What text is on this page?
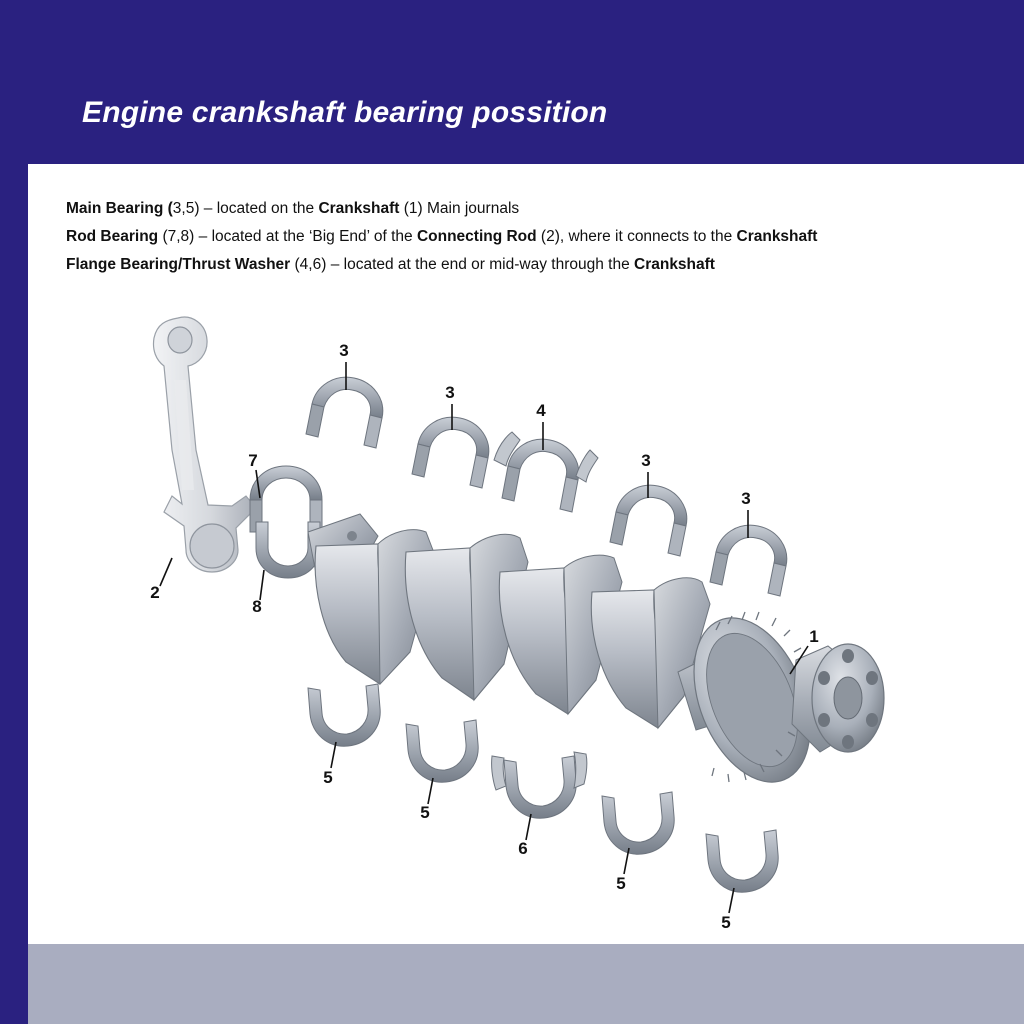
Engine crankshaft bearing possition

Main Bearing (3,5) – located on the Crankshaft (1) Main journals

Rod Bearing (7,8) – located at the ‘Big End’ of the Connecting Rod (2), where it connects to the Crankshaft

Flange Bearing/Thrust Washer (4,6) – located at the end or mid-way through the Crankshaft

2
7
8
3
3
4
3
3
1
5
5
6
5
5
